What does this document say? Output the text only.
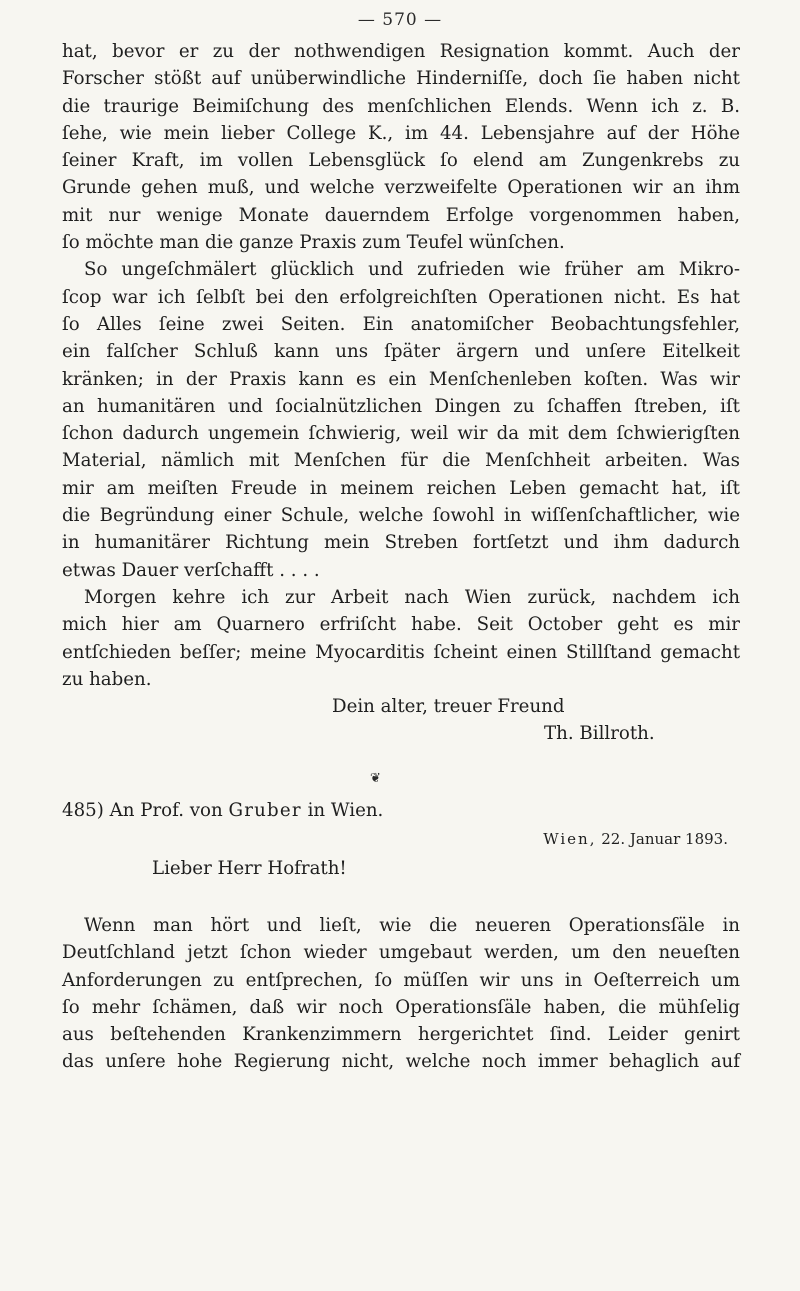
— 570 —
hat, bevor er zu der nothwendigen Resignation kommt. Auch der
Forscher stößt auf unüberwindliche Hinderniſſe, doch ſie haben nicht
die traurige Beimiſchung des menſchlichen Elends. Wenn ich z. B.
ſehe, wie mein lieber College K., im 44. Lebensjahre auf der Höhe
ſeiner Kraft, im vollen Lebensglück ſo elend am Zungenkrebs zu
Grunde gehen muß, und welche verzweifelte Operationen wir an ihm
mit nur wenige Monate dauerndem Erfolge vorgenommen haben,
ſo möchte man die ganze Praxis zum Teufel wünſchen.
So ungeſchmälert glücklich und zufrieden wie früher am Mikro-
ſcop war ich ſelbſt bei den erfolgreichſten Operationen nicht. Es hat
ſo Alles ſeine zwei Seiten. Ein anatomiſcher Beobachtungsfehler,
ein falſcher Schluß kann uns ſpäter ärgern und unſere Eitelkeit
kränken; in der Praxis kann es ein Menſchenleben koſten. Was wir
an humanitären und ſocialnützlichen Dingen zu ſchaffen ſtreben, iſt
ſchon dadurch ungemein ſchwierig, weil wir da mit dem ſchwierigſten
Material, nämlich mit Menſchen für die Menſchheit arbeiten. Was
mir am meiſten Freude in meinem reichen Leben gemacht hat, iſt
die Begründung einer Schule, welche ſowohl in wiſſenſchaftlicher, wie
in humanitärer Richtung mein Streben fortſetzt und ihm dadurch
etwas Dauer verſchafft . . . .
Morgen kehre ich zur Arbeit nach Wien zurück, nachdem ich
mich hier am Quarnero erfriſcht habe. Seit October geht es mir
entſchieden beſſer; meine Myocarditis ſcheint einen Stillſtand gemacht
zu haben.
Dein alter, treuer Freund
Th. Billroth.
❦
485) An Prof. von Gruber in Wien.
Wien, 22. Januar 1893.
Lieber Herr Hofrath!
Wenn man hört und lieſt, wie die neueren Operationsſäle in
Deutſchland jetzt ſchon wieder umgebaut werden, um den neueſten
Anforderungen zu entſprechen, ſo müſſen wir uns in Oeſterreich um
ſo mehr ſchämen, daß wir noch Operationsſäle haben, die mühſelig
aus beſtehenden Krankenzimmern hergerichtet ſind. Leider genirt
das unſere hohe Regierung nicht, welche noch immer behaglich auf
